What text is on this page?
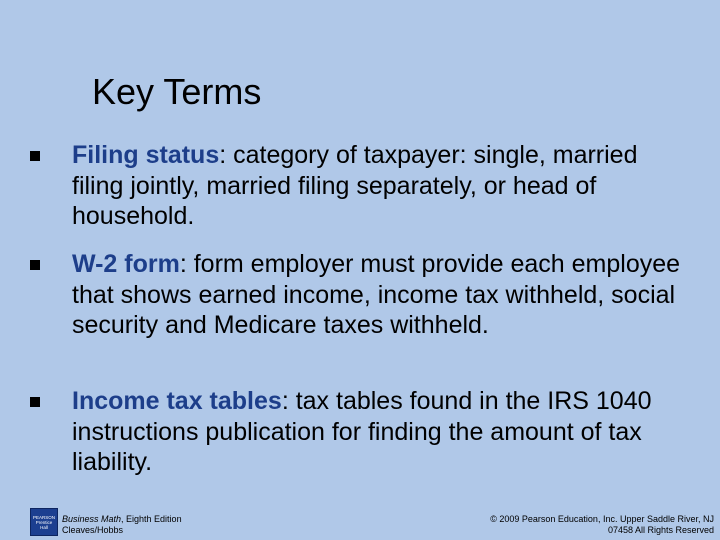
Key Terms
Filing status: category of taxpayer: single, married filing jointly, married filing separately, or head of household.
W-2 form: form employer must provide each employee that shows earned income, income tax withheld, social security and Medicare taxes withheld.
Income tax tables: tax tables found in the IRS 1040 instructions publication for finding the amount of tax liability.
PEARSON
Prentice
Hall
Business Math, Eighth Edition
Cleaves/Hobbs
© 2009 Pearson Education, Inc. Upper Saddle River, NJ
07458 All Rights Reserved
